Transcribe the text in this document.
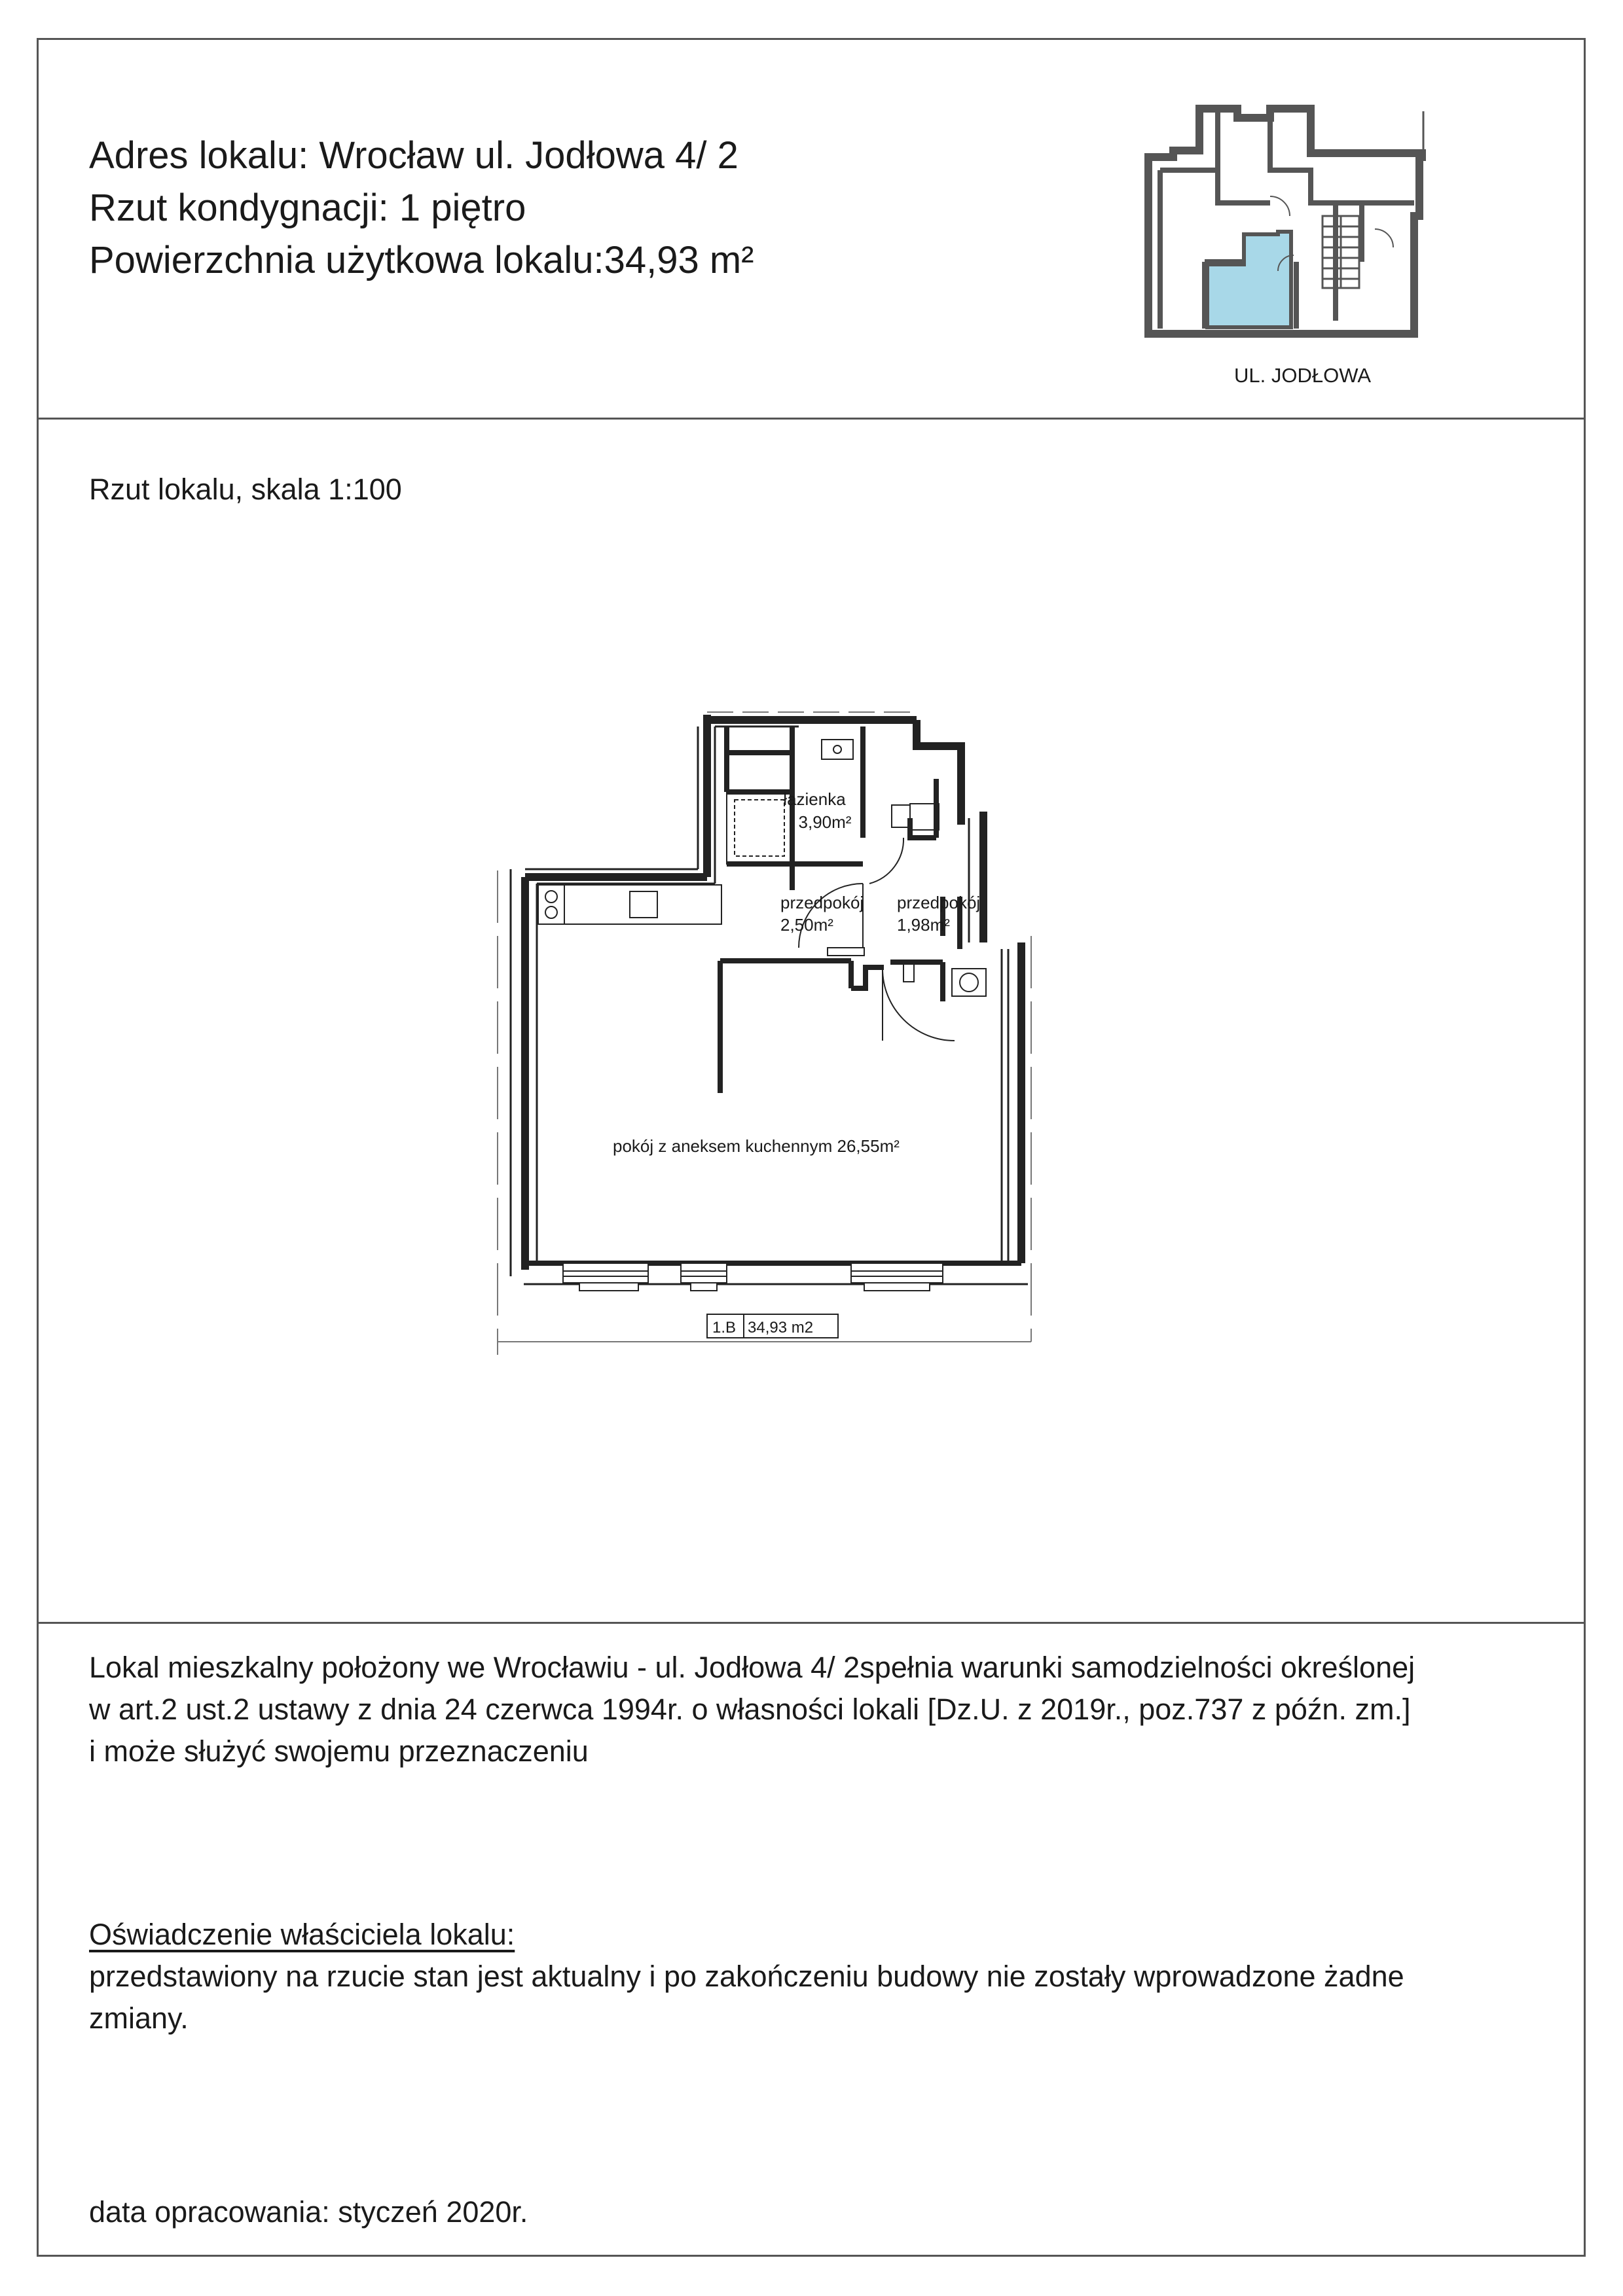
Adres lokalu: Wrocław ul. Jodłowa 4/ 2
Rzut kondygnacji: 1 piętro
Powierzchnia użytkowa lokalu:34,93 m²
UL. JODŁOWA
Rzut lokalu, skala 1:100
łazienka
3,90m²
przedpokój
2,50m²
przedpokój
1,98m²
pokój z aneksem kuchennym 26,55m²
1.B 34,93 m2
Lokal mieszkalny położony we Wrocławiu - ul. Jodłowa 4/ 2spełnia warunki samodzielności określonej
w art.2 ust.2 ustawy z dnia 24 czerwca 1994r. o własności lokali [Dz.U. z 2019r., poz.737 z późn. zm.]
i może służyć swojemu przeznaczeniu
Oświadczenie właściciela lokalu:
przedstawiony na rzucie stan jest aktualny i po zakończeniu budowy nie zostały wprowadzone żadne
zmiany.
data opracowania: styczeń 2020r.
